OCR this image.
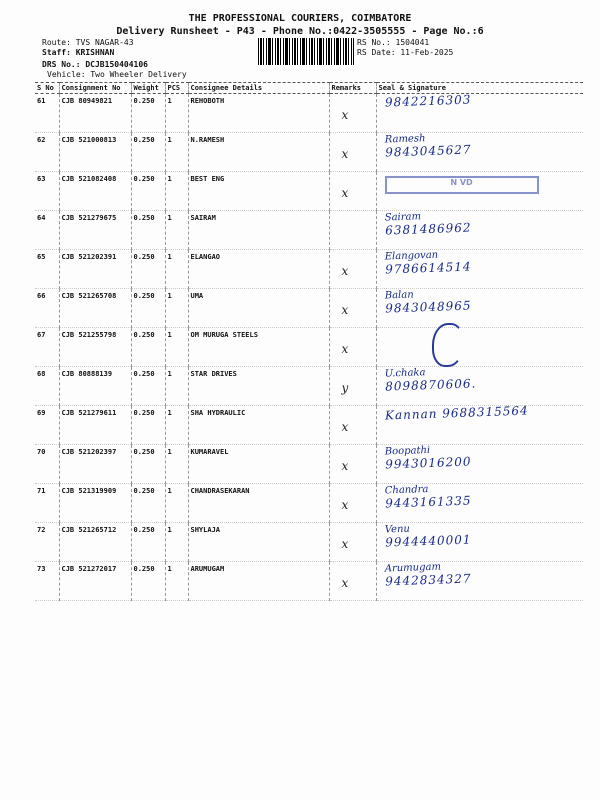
THE PROFESSIONAL COURIERS, COIMBATORE
Delivery Runsheet - P43 - Phone No.:0422-3505555 - Page No.:6
Route: TVS NAGAR-43
Staff: KRISHNAN
DRS No.: DCJB150404106
Vehicle: Two Wheeler Delivery
RS No.: 1504041
RS Date: 11-Feb-2025
S No	Consignment No	Weight	PCS	Consignee Details	Remarks	Seal & Signature
61	CJB 80949821	0.250	1	REHOBOTH	x	9842216303

62	CJB 521000813	0.250	1	N.RAMESH	x	Ramesh
9843045627

63	CJB 521082408	0.250	1	BEST ENG	x	N VD

64	CJB 521279675	0.250	1	SAIRAM		Sairam
6381486962

65	CJB 521202391	0.250	1	ELANGAO	x	Elangovan
9786614514

66	CJB 521265708	0.250	1	UMA	x	Balan
9843048965

67	CJB 521255798	0.250	1	OM MURUGA STEELS	x	

68	CJB 80888139	0.250	1	STAR DRIVES	y	U.chaka
8098870606.

69	CJB 521279611	0.250	1	SHA HYDRAULIC	x	Kannan 9688315564

70	CJB 521202397	0.250	1	KUMARAVEL	x	Boopathi
9943016200

71	CJB 521319909	0.250	1	CHANDRASEKARAN	x	Chandra
9443161335

72	CJB 521265712	0.250	1	SHYLAJA	x	Venu
9944440001

73	CJB 521272017	0.250	1	ARUMUGAM	x	Arumugam
9442834327
